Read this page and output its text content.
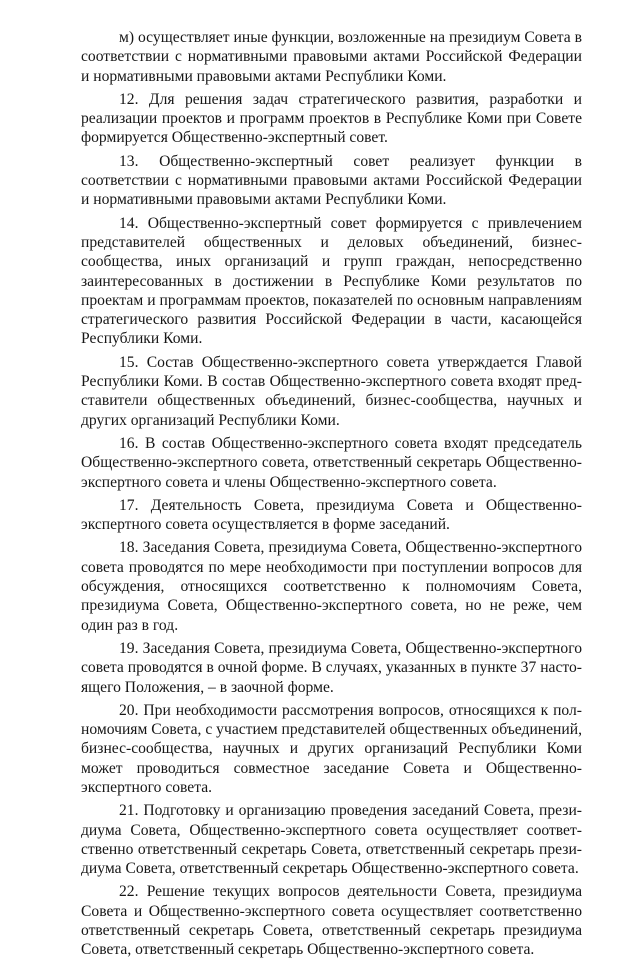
м) осуществляет иные функции, возложенные на президиум Совета в соответствии с нормативными правовыми актами Российской Федерации и нормативными правовыми актами Республики Коми.

12. Для решения задач стратегического развития, разработки и реализации проектов и программ проектов в Республике Коми при Совете формируется Общественно-экспертный совет.

13. Общественно-экспертный совет реализует функции в соответствии с нормативными правовыми актами Российской Федерации и нормативными правовыми актами Республики Коми.

14. Общественно-экспертный совет формируется с привлечением представителей общественных и деловых объединений, бизнес-сообщества, иных организаций и групп граждан, непосредственно заинтересованных в достижении в Республике Коми результатов по проектам и программам проектов, показателей по основным направлениям стратегического развития Российской Федерации в части, касающейся Республики Коми.

15. Состав Общественно-экспертного совета утверждается Главой Республики Коми. В состав Общественно-экспертного совета входят представители общественных объединений, бизнес-сообщества, научных и других организаций Республики Коми.

16. В состав Общественно-экспертного совета входят председатель Общественно-экспертного совета, ответственный секретарь Общественно-экспертного совета и члены Общественно-экспертного совета.

17. Деятельность Совета, президиума Совета и Общественно-экспертного совета осуществляется в форме заседаний.

18. Заседания Совета, президиума Совета, Общественно-экспертного совета проводятся по мере необходимости при поступлении вопросов для обсуждения, относящихся соответственно к полномочиям Совета, президиума Совета, Общественно-экспертного совета, но не реже, чем один раз в год.

19. Заседания Совета, президиума Совета, Общественно-экспертного совета проводятся в очной форме. В случаях, указанных в пункте 37 настоящего Положения, – в заочной форме.

20. При необходимости рассмотрения вопросов, относящихся к полномочиям Совета, с участием представителей общественных объединений, бизнес-сообщества, научных и других организаций Республики Коми может проводиться совместное заседание Совета и Общественно-экспертного совета.

21. Подготовку и организацию проведения заседаний Совета, президиума Совета, Общественно-экспертного совета осуществляет соответственно ответственный секретарь Совета, ответственный секретарь президиума Совета, ответственный секретарь Общественно-экспертного совета.

22. Решение текущих вопросов деятельности Совета, президиума Совета и Общественно-экспертного совета осуществляет соответственно ответственный секретарь Совета, ответственный секретарь президиума Совета, ответственный секретарь Общественно-экспертного совета.
